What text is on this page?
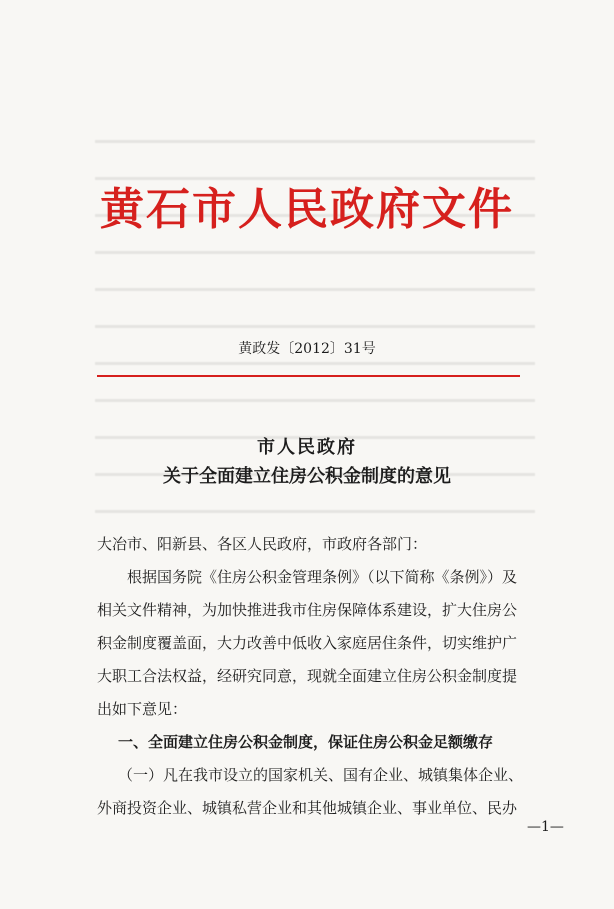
黄石市人民政府文件
黄政发〔2012〕31号
市人民政府
关于全面建立住房公积金制度的意见
大冶市、阳新县、各区人民政府，市政府各部门：
根据国务院《住房公积金管理条例》（以下简称《条例》）及
相关文件精神，为加快推进我市住房保障体系建设，扩大住房公
积金制度覆盖面，大力改善中低收入家庭居住条件，切实维护广
大职工合法权益，经研究同意，现就全面建立住房公积金制度提
出如下意见：
一、全面建立住房公积金制度，保证住房公积金足额缴存
（一）凡在我市设立的国家机关、国有企业、城镇集体企业、
外商投资企业、城镇私营企业和其他城镇企业、事业单位、民办
—1—
